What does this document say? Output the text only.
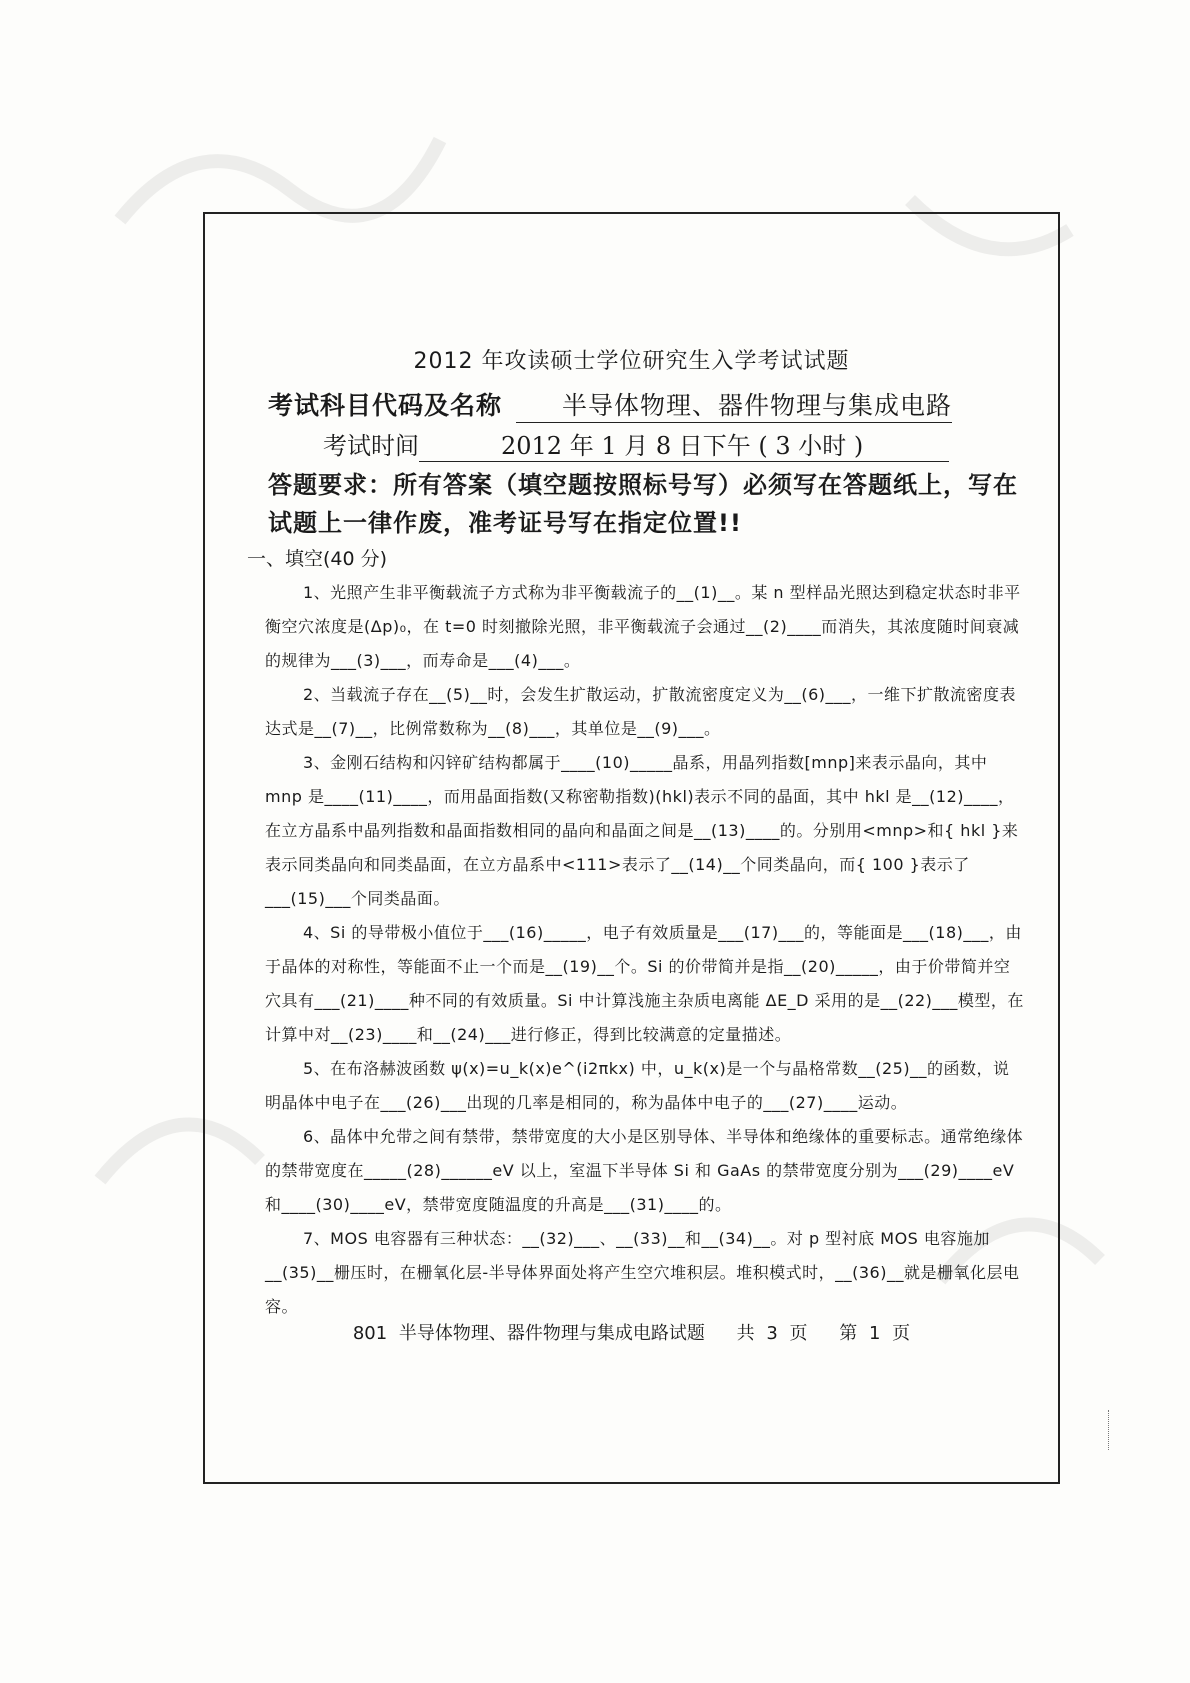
2012 年攻读硕士学位研究生入学考试试题
考试科目代码及名称 半导体物理、器件物理与集成电路
考试时间	2012 年 1 月 8 日下午 ( 3 小时 )
答题要求：所有答案（填空题按照标号写）必须写在答题纸上，写在试题上一律作废，准考证号写在指定位置!!
一、填空(40 分)
1、光照产生非平衡载流子方式称为非平衡载流子的__(1)__。某 n 型样品光照达到稳定状态时非平衡空穴浓度是(Δp)₀，在 t=0 时刻撤除光照，非平衡载流子会通过__(2)____而消失，其浓度随时间衰减的规律为___(3)___，而寿命是___(4)___。
2、当载流子存在__(5)__时，会发生扩散运动，扩散流密度定义为__(6)___，一维下扩散流密度表达式是__(7)__，比例常数称为__(8)___，其单位是__(9)___。
3、金刚石结构和闪锌矿结构都属于____(10)_____晶系，用晶列指数[mnp]来表示晶向，其中 mnp 是____(11)____，而用晶面指数(又称密勒指数)(hkl)表示不同的晶面，其中 hkl 是__(12)____，在立方晶系中晶列指数和晶面指数相同的晶向和晶面之间是__(13)____的。分别用<mnp>和{ hkl }来表示同类晶向和同类晶面，在立方晶系中<111>表示了__(14)__个同类晶向，而{ 100 }表示了___(15)___个同类晶面。
4、Si 的导带极小值位于___(16)_____，电子有效质量是___(17)___的，等能面是___(18)___，由于晶体的对称性，等能面不止一个而是__(19)__个。Si 的价带简并是指__(20)_____，由于价带简并空穴具有___(21)____种不同的有效质量。Si 中计算浅施主杂质电离能 ΔE_D 采用的是__(22)___模型，在计算中对__(23)____和__(24)___进行修正，得到比较满意的定量描述。
5、在布洛赫波函数 ψ(x)=u_k(x)e^(i2πkx) 中，u_k(x)是一个与晶格常数__(25)__的函数，说明晶体中电子在___(26)___出现的几率是相同的，称为晶体中电子的___(27)____运动。
6、晶体中允带之间有禁带，禁带宽度的大小是区别导体、半导体和绝缘体的重要标志。通常绝缘体的禁带宽度在_____(28)______eV 以上，室温下半导体 Si 和 GaAs 的禁带宽度分别为___(29)____eV 和____(30)____eV，禁带宽度随温度的升高是___(31)____的。
7、MOS 电容器有三种状态：__(32)___、__(33)__和__(34)__。对 p 型衬底 MOS 电容施加__(35)__栅压时，在栅氧化层-半导体界面处将产生空穴堆积层。堆积模式时，__(36)__就是栅氧化层电容。
801 半导体物理、器件物理与集成电路试题 共 3 页 第 1 页
